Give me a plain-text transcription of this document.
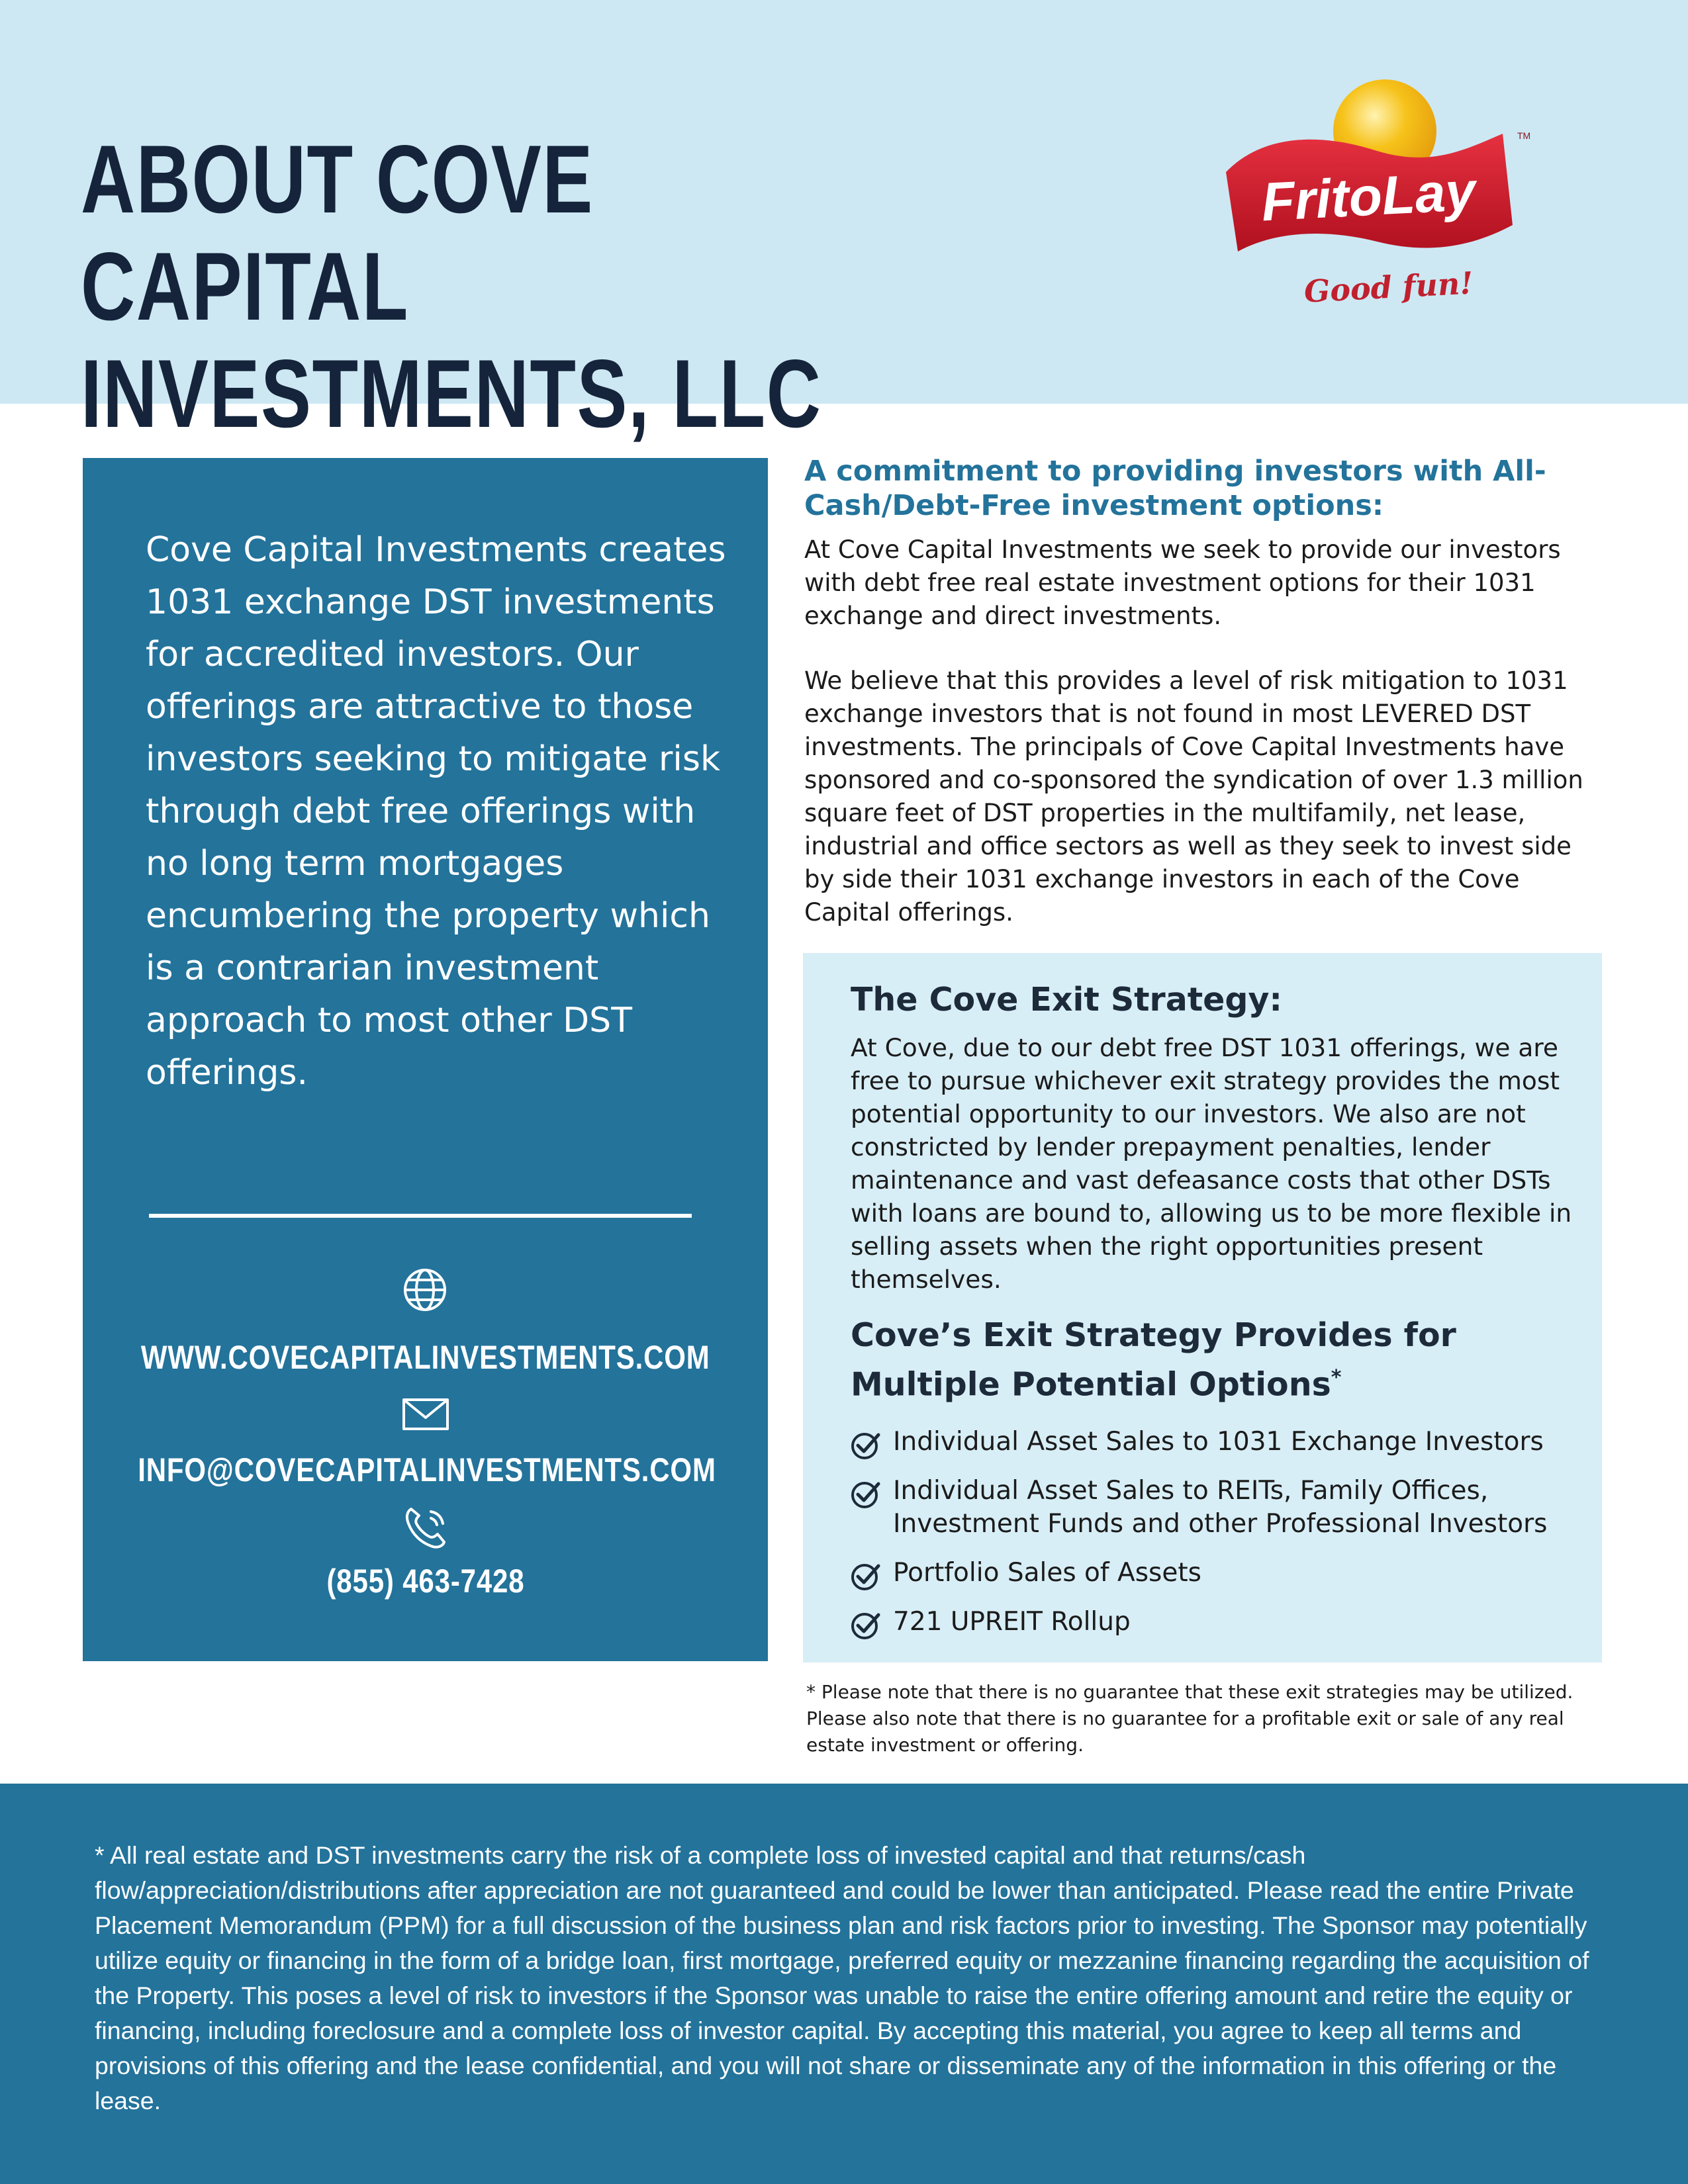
ABOUT COVE CAPITAL INVESTMENTS, LLC
FritoLay
TM
Good fun!

Cove Capital Investments creates 1031 exchange DST investments for accredited investors. Our offerings are attractive to those investors seeking to mitigate risk through debt free offerings with no long term mortgages encumbering the property which is a contrarian investment approach to most other DST offerings.

WWW.COVECAPITALINVESTMENTS.COM
INFO@COVECAPITALINVESTMENTS.COM
(855) 463-7428
A commitment to providing investors with All-Cash/Debt-Free investment options:

At Cove Capital Investments we seek to provide our investors with debt free real estate investment options for their 1031 exchange and direct investments.

We believe that this provides a level of risk mitigation to 1031 exchange investors that is not found in most LEVERED DST investments. The principals of Cove Capital Investments have sponsored and co-sponsored the syndication of over 1.3 million square feet of DST properties in the multifamily, net lease, industrial and office sectors as well as they seek to invest side by side their 1031 exchange investors in each of the Cove Capital offerings.

The Cove Exit Strategy:

At Cove, due to our debt free DST 1031 offerings, we are free to pursue whichever exit strategy provides the most potential opportunity to our investors. We also are not constricted by lender prepayment penalties, lender maintenance and vast defeasance costs that other DSTs with loans are bound to, allowing us to be more flexible in selling assets when the right opportunities present themselves.

Cove’s Exit Strategy Provides for
Multiple Potential Options*
Individual Asset Sales to 1031 Exchange Investors
Individual Asset Sales to REITs, Family Offices,
Investment Funds and other Professional Investors
Portfolio Sales of Assets
721 UPREIT Rollup

* Please note that there is no guarantee that these exit strategies may be utilized. Please also note that there is no guarantee for a profitable exit or sale of any real estate investment or offering.

* All real estate and DST investments carry the risk of a complete loss of invested capital and that returns/cash flow/appreciation/distributions after appreciation are not guaranteed and could be lower than anticipated. Please read the entire Private Placement Memorandum (PPM) for a full discussion of the business plan and risk factors prior to investing. The Sponsor may potentially utilize equity or financing in the form of a bridge loan, first mortgage, preferred equity or mezzanine financing regarding the acquisition of the Property. This poses a level of risk to investors if the Sponsor was unable to raise the entire offering amount and retire the equity or financing, including foreclosure and a complete loss of investor capital. By accepting this material, you agree to keep all terms and provisions of this offering and the lease confidential, and you will not share or disseminate any of the information in this offering or the lease.
